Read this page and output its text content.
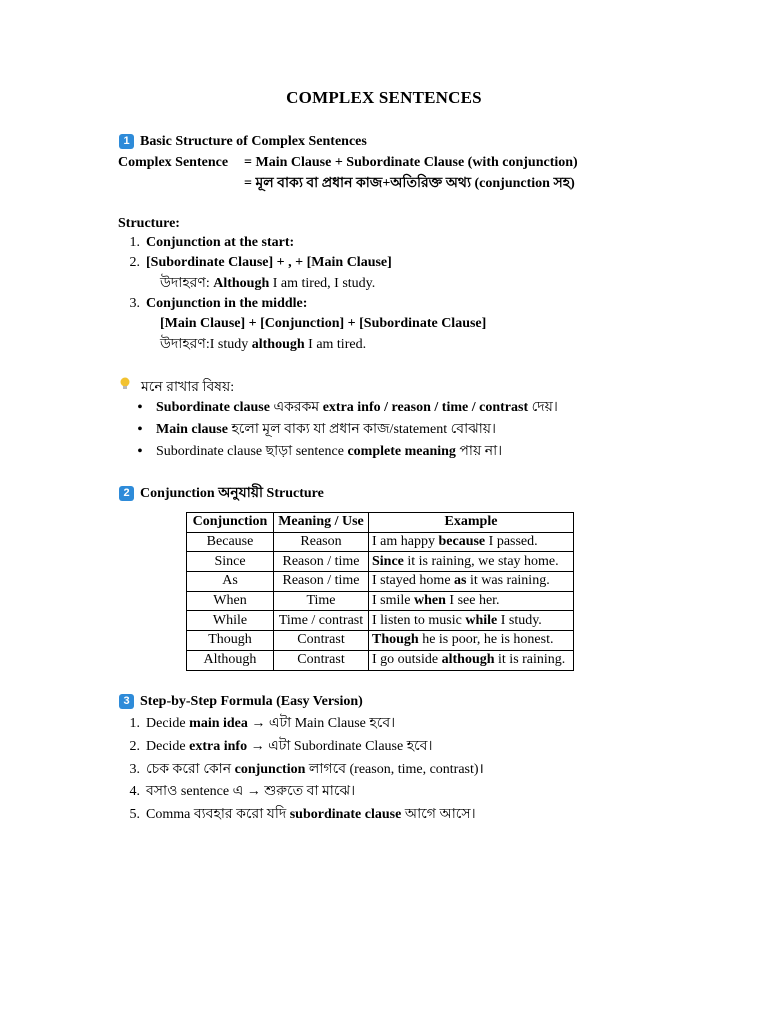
COMPLEX SENTENCES
1 Basic Structure of Complex Sentences
Complex Sentence = Main Clause + Subordinate Clause (with conjunction)
= মূল বাক্য বা প্রধান কাজ+অতিরিক্ত অথ্য (conjunction সহ)
Structure:
1. Conjunction at the start:
2. [Subordinate Clause] + , + [Main Clause]
উদাহরণ: Although I am tired, I study.
3. Conjunction in the middle:
[Main Clause] + [Conjunction] + [Subordinate Clause]
উদাহরণ:I study although I am tired.
মনে রাখার বিষয়:
• Subordinate clause একরকম extra info / reason / time / contrast দেয়।
• Main clause হলো মূল বাক্য যা প্রধান কাজ/statement বোঝায়।
• Subordinate clause ছাড়া sentence complete meaning পায় না।
2 Conjunction অনুযায়ী Structure
Conjunction	Meaning / Use	Example
Because	Reason	I am happy because I passed.
Since	Reason / time	Since it is raining, we stay home.
As	Reason / time	I stayed home as it was raining.
When	Time	I smile when I see her.
While	Time / contrast	I listen to music while I study.
Though	Contrast	Though he is poor, he is honest.
Although	Contrast	I go outside although it is raining.
3 Step-by-Step Formula (Easy Version)
1. Decide main idea → এটা Main Clause হবে।
2. Decide extra info → এটা Subordinate Clause হবে।
3. চেক করো কোন conjunction লাগবে (reason, time, contrast)।
4. বসাও sentence এ → শুরুতে বা মাঝে।
5. Comma ব্যবহার করো যদি subordinate clause আগে আসে।
